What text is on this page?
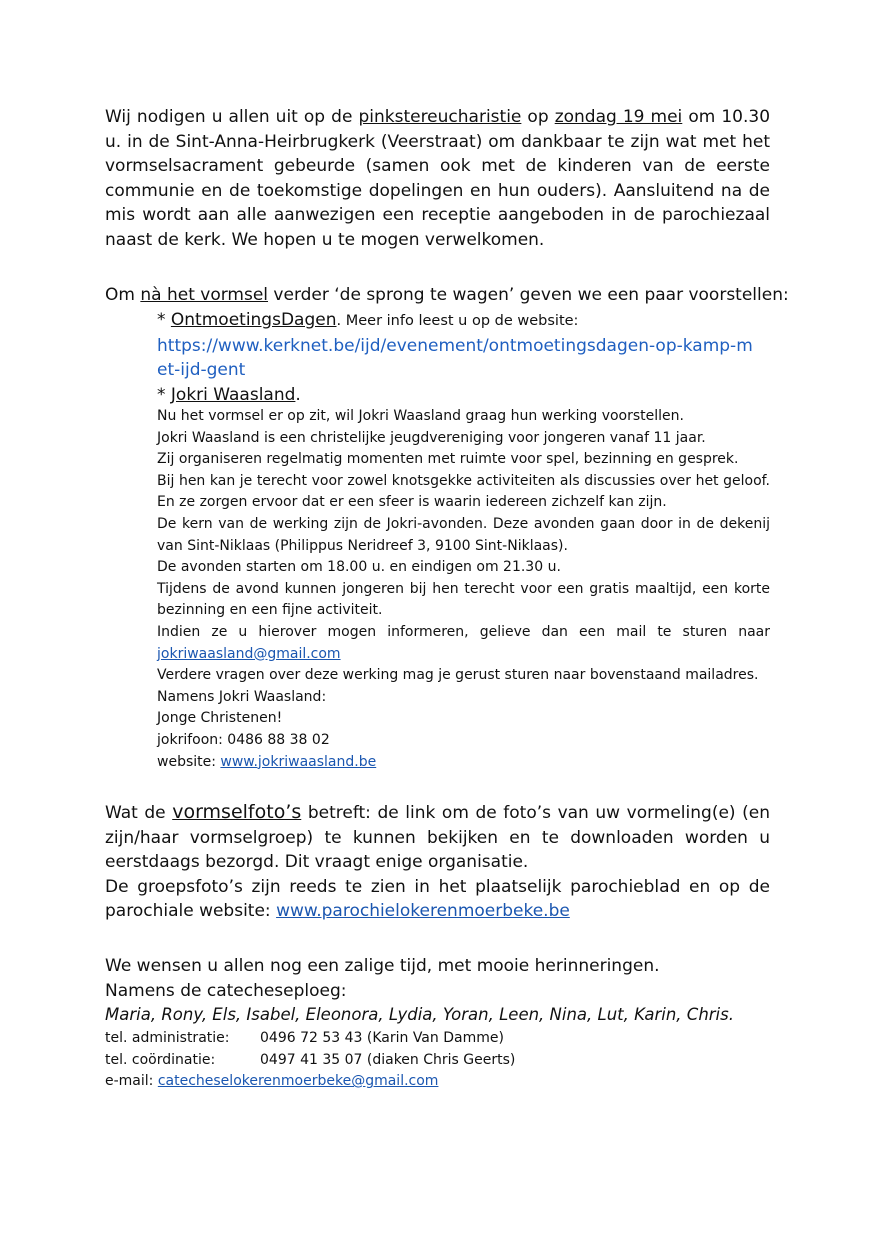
Wij nodigen u allen uit op de pinkstereucharistie op zondag 19 mei om 10.30 u. in de Sint-Anna-Heirbrugkerk (Veerstraat) om dankbaar te zijn wat met het vormselsacrament gebeurde (samen ook met de kinderen van de eerste communie en de toekomstige dopelingen en hun ouders). Aansluitend na de mis wordt aan alle aanwezigen een receptie aangeboden in de parochiezaal naast de kerk. We hopen u te mogen verwelkomen.
Om nà het vormsel verder ‘de sprong te wagen’ geven we een paar voorstellen:
* OntmoetingsDagen. Meer info leest u op de website:
https://www.kerknet.be/ijd/evenement/ontmoetingsdagen-op-kamp-met-ijd-gent
* Jokri Waasland.
Nu het vormsel er op zit, wil Jokri Waasland graag hun werking voorstellen.
Jokri Waasland is een christelijke jeugdvereniging voor jongeren vanaf 11 jaar.
Zij organiseren regelmatig momenten met ruimte voor spel, bezinning en gesprek.
Bij hen kan je terecht voor zowel knotsgekke activiteiten als discussies over het geloof. En ze zorgen ervoor dat er een sfeer is waarin iedereen zichzelf kan zijn.
De kern van de werking zijn de Jokri-avonden. Deze avonden gaan door in de dekenij van Sint-Niklaas (Philippus Neridreef 3, 9100 Sint-Niklaas).
De avonden starten om 18.00 u. en eindigen om 21.30 u.
Tijdens de avond kunnen jongeren bij hen terecht voor een gratis maaltijd, een korte bezinning en een fijne activiteit.
Indien ze u hierover mogen informeren, gelieve dan een mail te sturen naar jokriwaasland@gmail.com
Verdere vragen over deze werking mag je gerust sturen naar bovenstaand mailadres.
Namens Jokri Waasland:
Jonge Christenen!
jokrifoon: 0486 88 38 02
website: www.jokriwaasland.be
Wat de vormselfoto’s betreft: de link om de foto’s van uw vormeling(e) (en zijn/haar vormselgroep) te kunnen bekijken en te downloaden worden u eerstdaags bezorgd. Dit vraagt enige organisatie.
De groepsfoto’s zijn reeds te zien in het plaatselijk parochieblad en op de parochiale website: www.parochielokerenmoerbeke.be
We wensen u allen nog een zalige tijd, met mooie herinneringen.
Namens de catecheseploeg:
Maria, Rony, Els, Isabel, Eleonora, Lydia, Yoran, Leen, Nina, Lut, Karin, Chris.
tel. administratie:	0496 72 53 43 (Karin Van Damme)
tel. coördinatie:	0497 41 35 07 (diaken Chris Geerts)
e-mail: catecheselokerenmoerbeke@gmail.com
